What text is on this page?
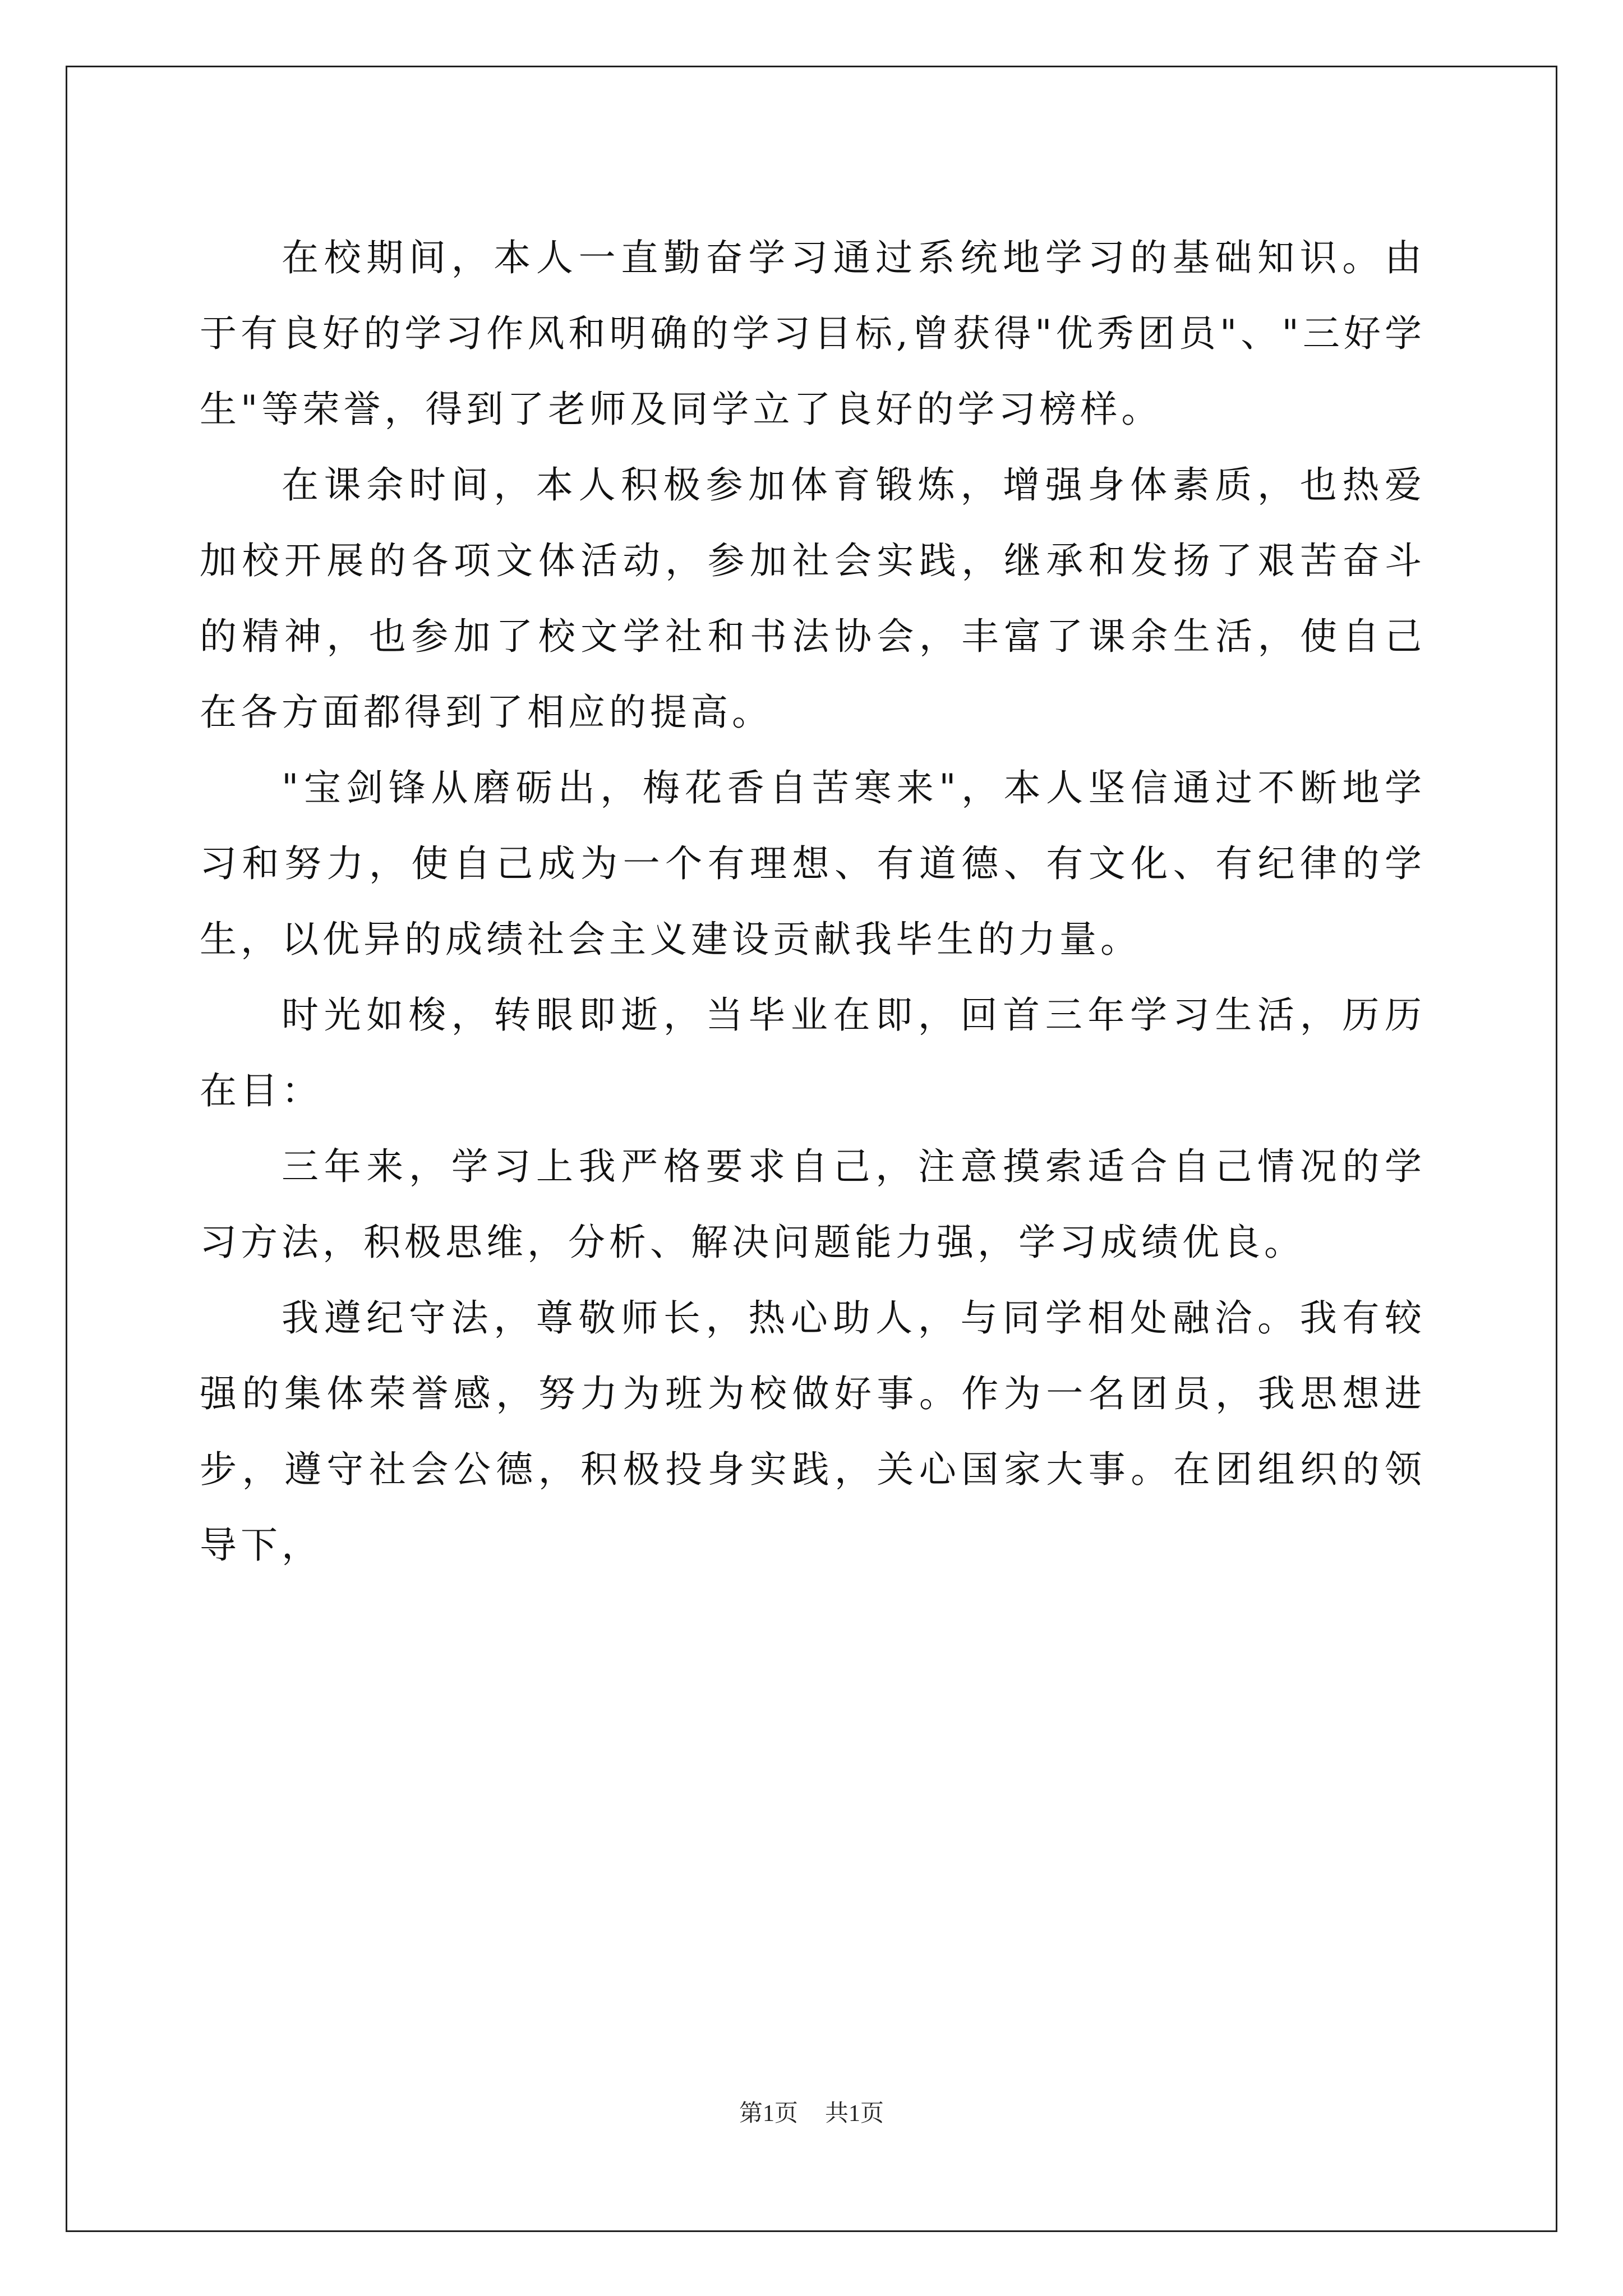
在校期间，本人一直勤奋学习通过系统地学习的基础知识。由于有良好的学习作风和明确的学习目标,曾获得"优秀团员"、"三好学生"等荣誉，得到了老师及同学立了良好的学习榜样。

在课余时间，本人积极参加体育锻炼，增强身体素质，也热爱加校开展的各项文体活动，参加社会实践，继承和发扬了艰苦奋斗的精神，也参加了校文学社和书法协会，丰富了课余生活，使自己在各方面都得到了相应的提高。

"宝剑锋从磨砺出，梅花香自苦寒来"，本人坚信通过不断地学习和努力，使自己成为一个有理想、有道德、有文化、有纪律的学生，以优异的成绩社会主义建设贡献我毕生的力量。

时光如梭，转眼即逝，当毕业在即，回首三年学习生活，历历在目：

三年来，学习上我严格要求自己，注意摸索适合自己情况的学习方法，积极思维，分析、解决问题能力强，学习成绩优良。

我遵纪守法，尊敬师长，热心助人，与同学相处融洽。我有较强的集体荣誉感，努力为班为校做好事。作为一名团员，我思想进步，遵守社会公德，积极投身实践，关心国家大事。在团组织的领导下，

第1页 共1页
